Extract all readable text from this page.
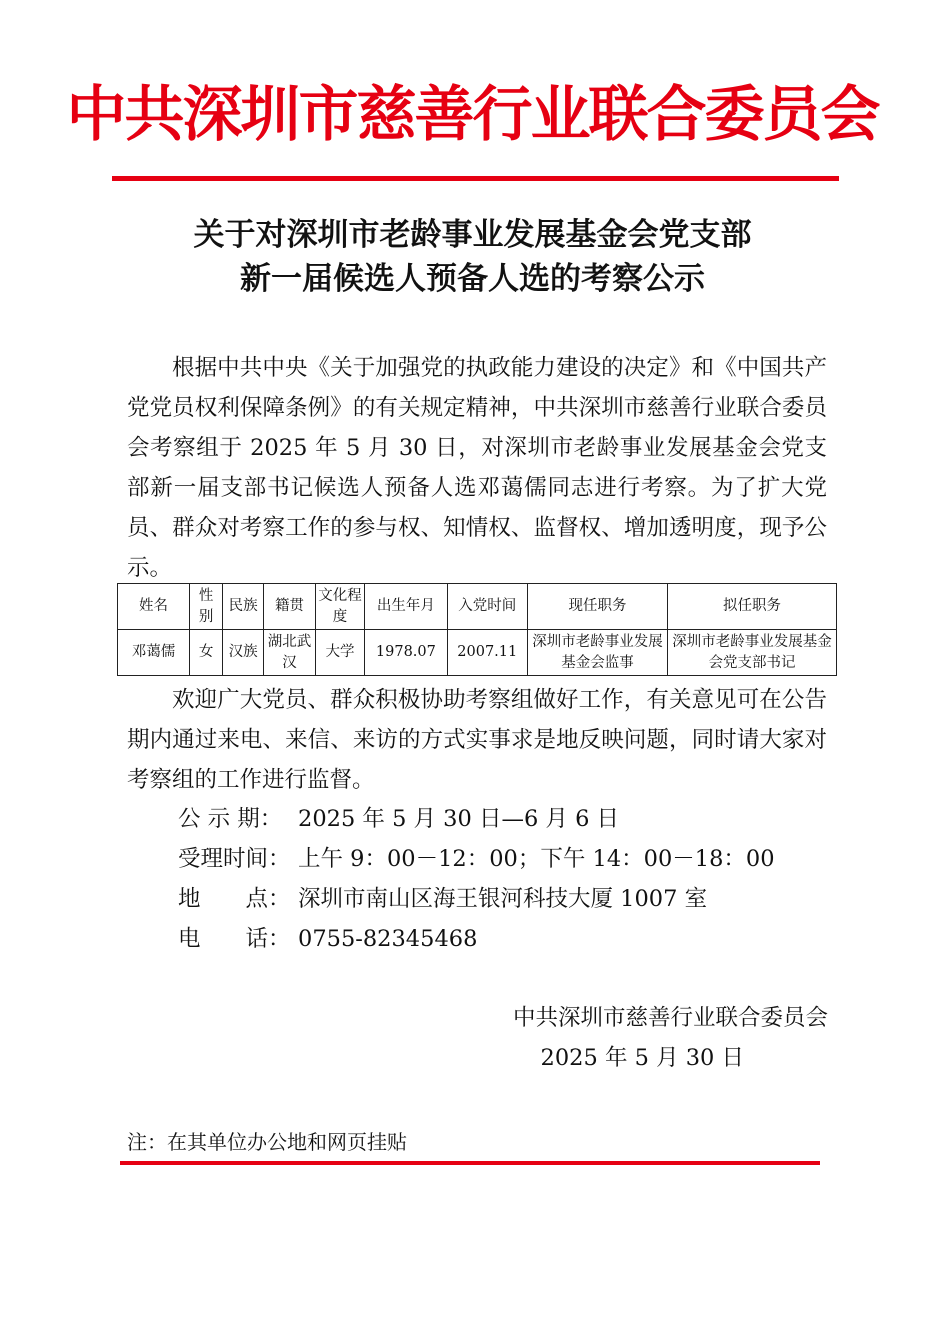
中共深圳市慈善行业联合委员会
关于对深圳市老龄事业发展基金会党支部
新一届候选人预备人选的考察公示
根据中共中央《关于加强党的执政能力建设的决定》和《中国共产党党员权利保障条例》的有关规定精神，中共深圳市慈善行业联合委员会考察组于 2025 年 5 月 30 日，对深圳市老龄事业发展基金会党支部新一届支部书记候选人预备人选邓蔼儒同志进行考察。为了扩大党员、群众对考察工作的参与权、知情权、监督权、增加透明度，现予公示。
姓名	性别	民族	籍贯	文化程度	出生年月	入党时间	现任职务	拟任职务
邓蔼儒	女	汉族	湖北武汉	大学	1978.07	2007.11	深圳市老龄事业发展基金会监事	深圳市老龄事业发展基金会党支部书记
欢迎广大党员、群众积极协助考察组做好工作，有关意见可在公告期内通过来电、来信、来访的方式实事求是地反映问题，同时请大家对考察组的工作进行监督。
公 示 期： 2025 年 5 月 30 日—6 月 6 日
受理时间： 上午 9：00－12：00；下午 14：00－18：00
地　　点： 深圳市南山区海王银河科技大厦 1007 室
电　　话： 0755-82345468
中共深圳市慈善行业联合委员会
2025 年 5 月 30 日
注：在其单位办公地和网页挂贴
